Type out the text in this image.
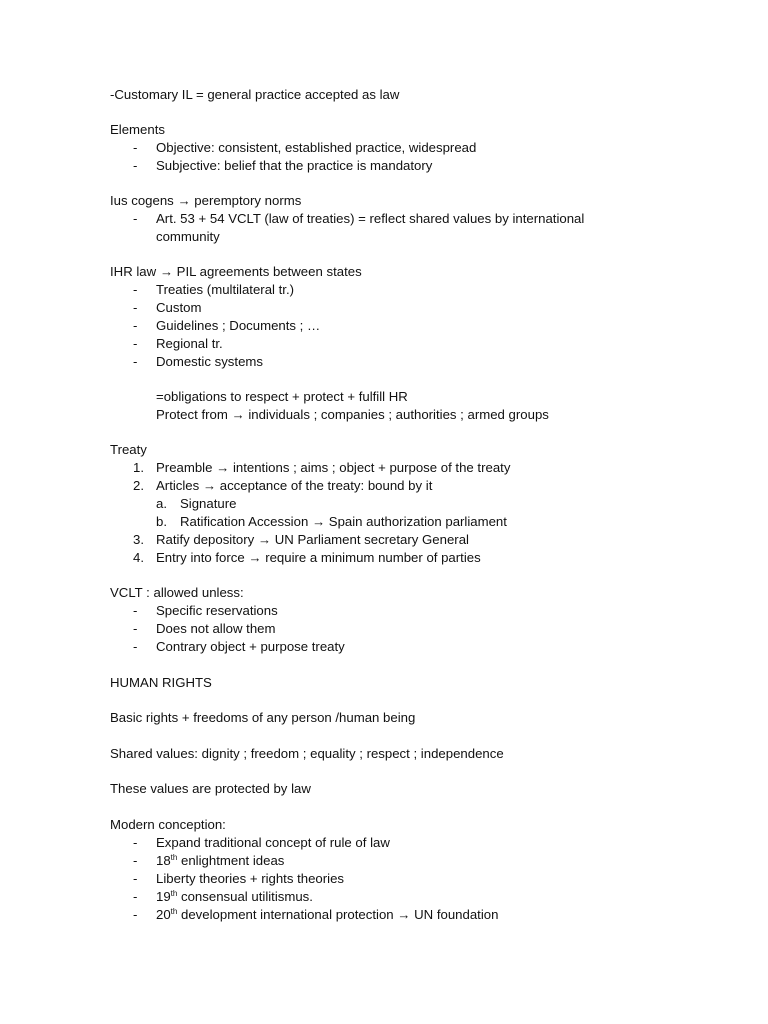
-Customary IL = general practice accepted as law
Elements
- Objective: consistent, established practice, widespread
- Subjective: belief that the practice is mandatory
Ius cogens → peremptory norms
- Art. 53 + 54 VCLT (law of treaties) = reflect shared values by international
community
IHR law → PIL agreements between states
- Treaties (multilateral tr.)
- Custom
- Guidelines ; Documents ; …
- Regional tr.
- Domestic systems
=obligations to respect + protect + fulfill HR
Protect from → individuals ; companies ; authorities ; armed groups
Treaty
1. Preamble → intentions ; aims ; object + purpose of the treaty
2. Articles → acceptance of the treaty: bound by it
a. Signature
b. Ratification Accession → Spain authorization parliament
3. Ratify depository → UN Parliament secretary General
4. Entry into force → require a minimum number of parties
VCLT : allowed unless:
- Specific reservations
- Does not allow them
- Contrary object + purpose treaty
HUMAN RIGHTS
Basic rights + freedoms of any person /human being
Shared values: dignity ; freedom ; equality ; respect ; independence
These values are protected by law
Modern conception:
- Expand traditional concept of rule of law
- 18th enlightment ideas
- Liberty theories + rights theories
- 19th consensual utilitismus.
- 20th development international protection → UN foundation
